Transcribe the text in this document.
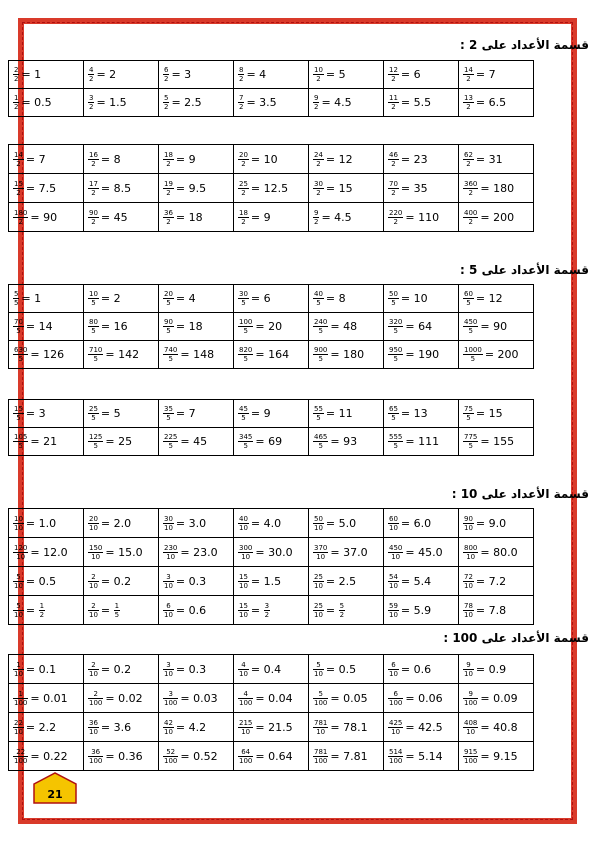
قسمة الأعداد على 2 :
$\frac{2}{2} = 1$	$\frac{4}{2} = 2$	$\frac{6}{2} = 3$	$\frac{8}{2} = 4$	$\frac{10}{2} = 5$	$\frac{12}{2} = 6$	$\frac{14}{2} = 7$

$\frac{1}{2} = 0.5$	$\frac{3}{2} = 1.5$	$\frac{5}{2} = 2.5$	$\frac{7}{2} = 3.5$	$\frac{9}{2} = 4.5$	$\frac{11}{2} = 5.5$	$\frac{13}{2} = 6.5$
$\frac{14}{2} = 7$	$\frac{16}{2} = 8$	$\frac{18}{2} = 9$	$\frac{20}{2} = 10$	$\frac{24}{2} = 12$	$\frac{46}{2} = 23$	$\frac{62}{2} = 31$

$\frac{15}{2} = 7.5$	$\frac{17}{2} = 8.5$	$\frac{19}{2} = 9.5$	$\frac{25}{2} = 12.5$	$\frac{30}{2} = 15$	$\frac{70}{2} = 35$	$\frac{360}{2} = 180$

$\frac{180}{2} = 90$	$\frac{90}{2} = 45$	$\frac{36}{2} = 18$	$\frac{18}{2} = 9$	$\frac{9}{2} = 4.5$	$\frac{220}{2} = 110$	$\frac{400}{2} = 200$
قسمة الأعداد على 5 :
$\frac{5}{5} = 1$	$\frac{10}{5} = 2$	$\frac{20}{5} = 4$	$\frac{30}{5} = 6$	$\frac{40}{5} = 8$	$\frac{50}{5} = 10$	$\frac{60}{5} = 12$

$\frac{70}{5} = 14$	$\frac{80}{5} = 16$	$\frac{90}{5} = 18$	$\frac{100}{5} = 20$	$\frac{240}{5} = 48$	$\frac{320}{5} = 64$	$\frac{450}{5} = 90$

$\frac{630}{5} = 126$	$\frac{710}{5} = 142$	$\frac{740}{5} = 148$	$\frac{820}{5} = 164$	$\frac{900}{5} = 180$	$\frac{950}{5} = 190$	$\frac{1000}{5} = 200$
$\frac{15}{5} = 3$	$\frac{25}{5} = 5$	$\frac{35}{5} = 7$	$\frac{45}{5} = 9$	$\frac{55}{5} = 11$	$\frac{65}{5} = 13$	$\frac{75}{5} = 15$

$\frac{105}{5} = 21$	$\frac{125}{5} = 25$	$\frac{225}{5} = 45$	$\frac{345}{5} = 69$	$\frac{465}{5} = 93$	$\frac{555}{5} = 111$	$\frac{775}{5} = 155$
قسمة الأعداد على 10 :
$\frac{10}{10} = 1.0$	$\frac{20}{10} = 2.0$	$\frac{30}{10} = 3.0$	$\frac{40}{10} = 4.0$	$\frac{50}{10} = 5.0$	$\frac{60}{10} = 6.0$	$\frac{90}{10} = 9.0$

$\frac{120}{10} = 12.0$	$\frac{150}{10} = 15.0$	$\frac{230}{10} = 23.0$	$\frac{300}{10} = 30.0$	$\frac{370}{10} = 37.0$	$\frac{450}{10} = 45.0$	$\frac{800}{10} = 80.0$

$\frac{5}{10} = 0.5$	$\frac{2}{10} = 0.2$	$\frac{3}{10} = 0.3$	$\frac{15}{10} = 1.5$	$\frac{25}{10} = 2.5$	$\frac{54}{10} = 5.4$	$\frac{72}{10} = 7.2$

$\frac{5}{10} = \frac{1}{2}$	$\frac{2}{10} = \frac{1}{5}$	$\frac{6}{10} = 0.6$	$\frac{15}{10} = \frac{3}{2}$	$\frac{25}{10} = \frac{5}{2}$	$\frac{59}{10} = 5.9$	$\frac{78}{10} = 7.8$
قسمة الأعداد على 100 :
$\frac{1}{10} = 0.1$	$\frac{2}{10} = 0.2$	$\frac{3}{10} = 0.3$	$\frac{4}{10} = 0.4$	$\frac{5}{10} = 0.5$	$\frac{6}{10} = 0.6$	$\frac{9}{10} = 0.9$

$\frac{1}{100} = 0.01$	$\frac{2}{100} = 0.02$	$\frac{3}{100} = 0.03$	$\frac{4}{100} = 0.04$	$\frac{5}{100} = 0.05$	$\frac{6}{100} = 0.06$	$\frac{9}{100} = 0.09$

$\frac{22}{10} = 2.2$	$\frac{36}{10} = 3.6$	$\frac{42}{10} = 4.2$	$\frac{215}{10} = 21.5$	$\frac{781}{10} = 78.1$	$\frac{425}{10} = 42.5$	$\frac{408}{10} = 40.8$

$\frac{22}{100} = 0.22$	$\frac{36}{100} = 0.36$	$\frac{52}{100} = 0.52$	$\frac{64}{100} = 0.64$	$\frac{781}{100} = 7.81$	$\frac{514}{100} = 5.14$	$\frac{915}{100} = 9.15$
21
